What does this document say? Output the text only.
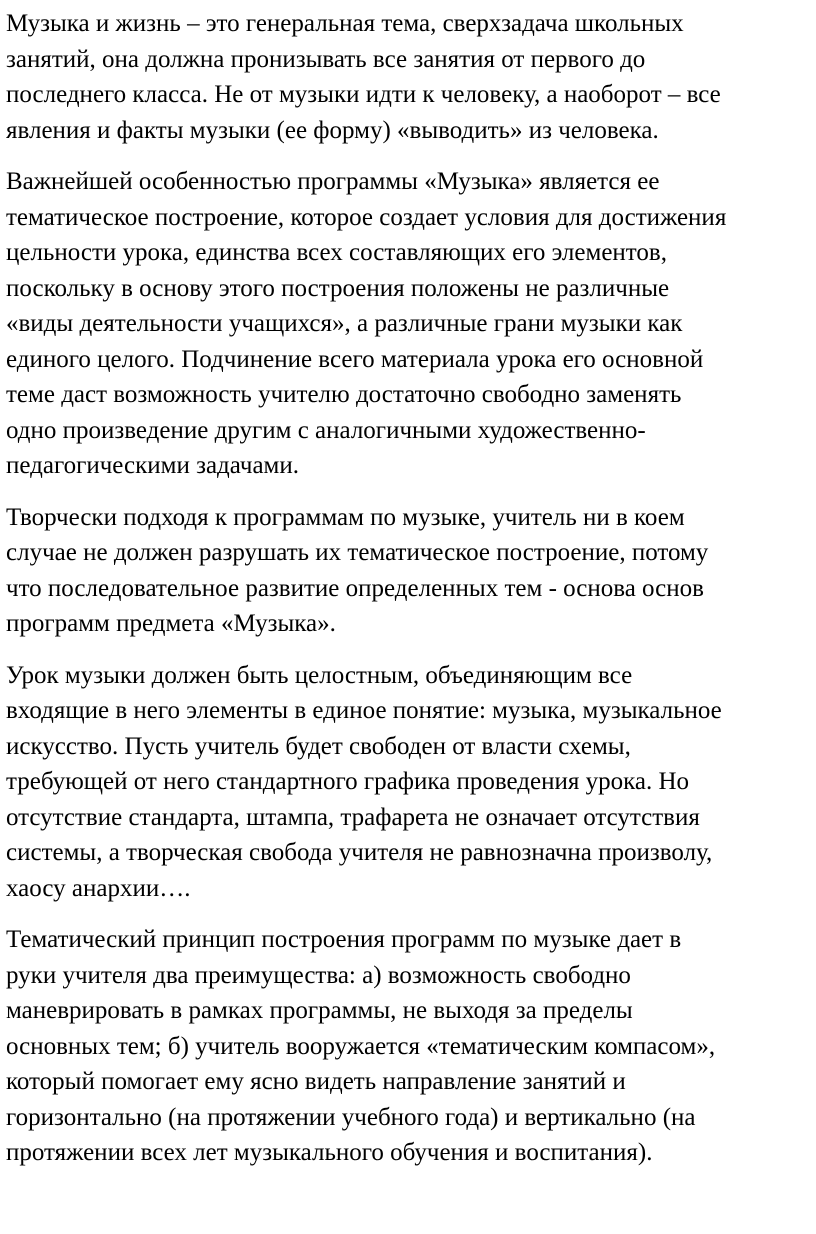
Музыка и жизнь – это генеральная тема, сверхзадача школьных
занятий, она должна пронизывать все занятия от первого до
последнего класса. Не от музыки идти к человеку, а наоборот – все
явления и факты музыки (ее форму) «выводить» из человека.

Важнейшей особенностью программы «Музыка» является ее
тематическое построение, которое создает условия для достижения
цельности урока, единства всех составляющих его элементов,
поскольку в основу этого построения положены не различные
«виды деятельности учащихся», а различные грани музыки как
единого целого. Подчинение всего материала урока его основной
теме даст возможность учителю достаточно свободно заменять
одно произведение другим с аналогичными художественно-
педагогическими задачами.

Творчески подходя к программам по музыке, учитель ни в коем
случае не должен разрушать их тематическое построение, потому
что последовательное развитие определенных тем - основа основ
программ предмета «Музыка».

Урок музыки должен быть целостным, объединяющим все
входящие в него элементы в единое понятие: музыка, музыкальное
искусство. Пусть учитель будет свободен от власти схемы,
требующей от него стандартного графика проведения урока. Но
отсутствие стандарта, штампа, трафарета не означает отсутствия
системы, а творческая свобода учителя не равнозначна произволу,
хаосу анархии….

Тематический принцип построения программ по музыке дает в
руки учителя два преимущества: а) возможность свободно
маневрировать в рамках программы, не выходя за пределы
основных тем; б) учитель вооружается «тематическим компасом»,
который помогает ему ясно видеть направление занятий и
горизонтально (на протяжении учебного года) и вертикально (на
протяжении всех лет музыкального обучения и воспитания).
